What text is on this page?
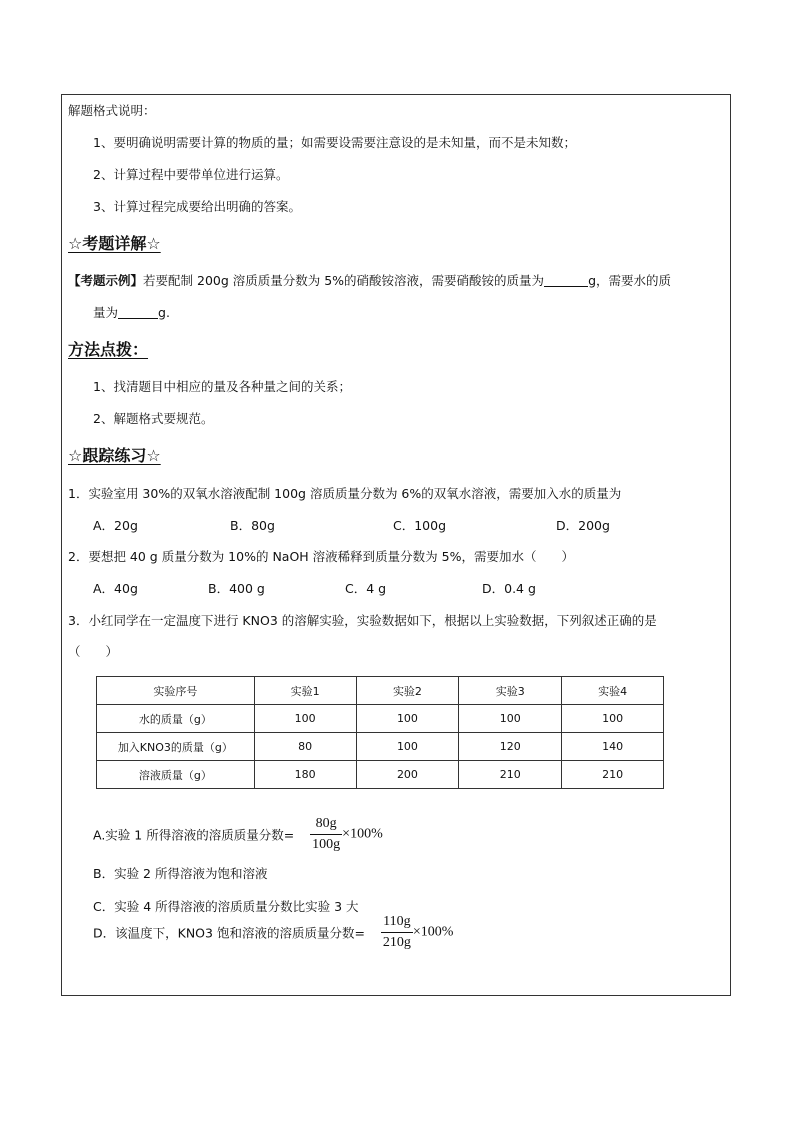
解题格式说明：
1、要明确说明需要计算的物质的量；如需要设需要注意设的是未知量，而不是未知数；
2、计算过程中要带单位进行运算。
3、计算过程完成要给出明确的答案。
☆考题详解☆
【考题示例】若要配制 200g 溶质质量分数为 5%的硝酸铵溶液，需要硝酸铵的质量为	g，需要水的质
量为	g.
方法点拨：
1、找清题目中相应的量及各种量之间的关系；
2、解题格式要规范。
☆跟踪练习☆
1．实验室用 30%的双氧水溶液配制 100g 溶质质量分数为 6%的双氧水溶液，需要加入水的质量为
A．20g	B．80g	C．100g	D．200g
2．要想把 40 g 质量分数为 10%的 NaOH 溶液稀释到质量分数为 5%，需要加水（　　）
A．40g	B．400 g	C．4 g	D．0.4 g
3．小红同学在一定温度下进行 KNO3 的溶解实验，实验数据如下，根据以上实验数据，下列叙述正确的是
（　　）
实验序号	实验1	实验2	实验3	实验4
水的质量（g）	100	100	100	100
加入KNO3的质量（g）	80	100	120	140
溶液质量（g）	180	200	210	210
A.实验 1 所得溶液的溶质质量分数= $\frac{80g}{100g} \times 100\%$
B．实验 2 所得溶液为饱和溶液
C．实验 4 所得溶液的溶质质量分数比实验 3 大
D．该温度下，KNO3 饱和溶液的溶质质量分数= $\frac{110g}{210g} \times 100\%$
